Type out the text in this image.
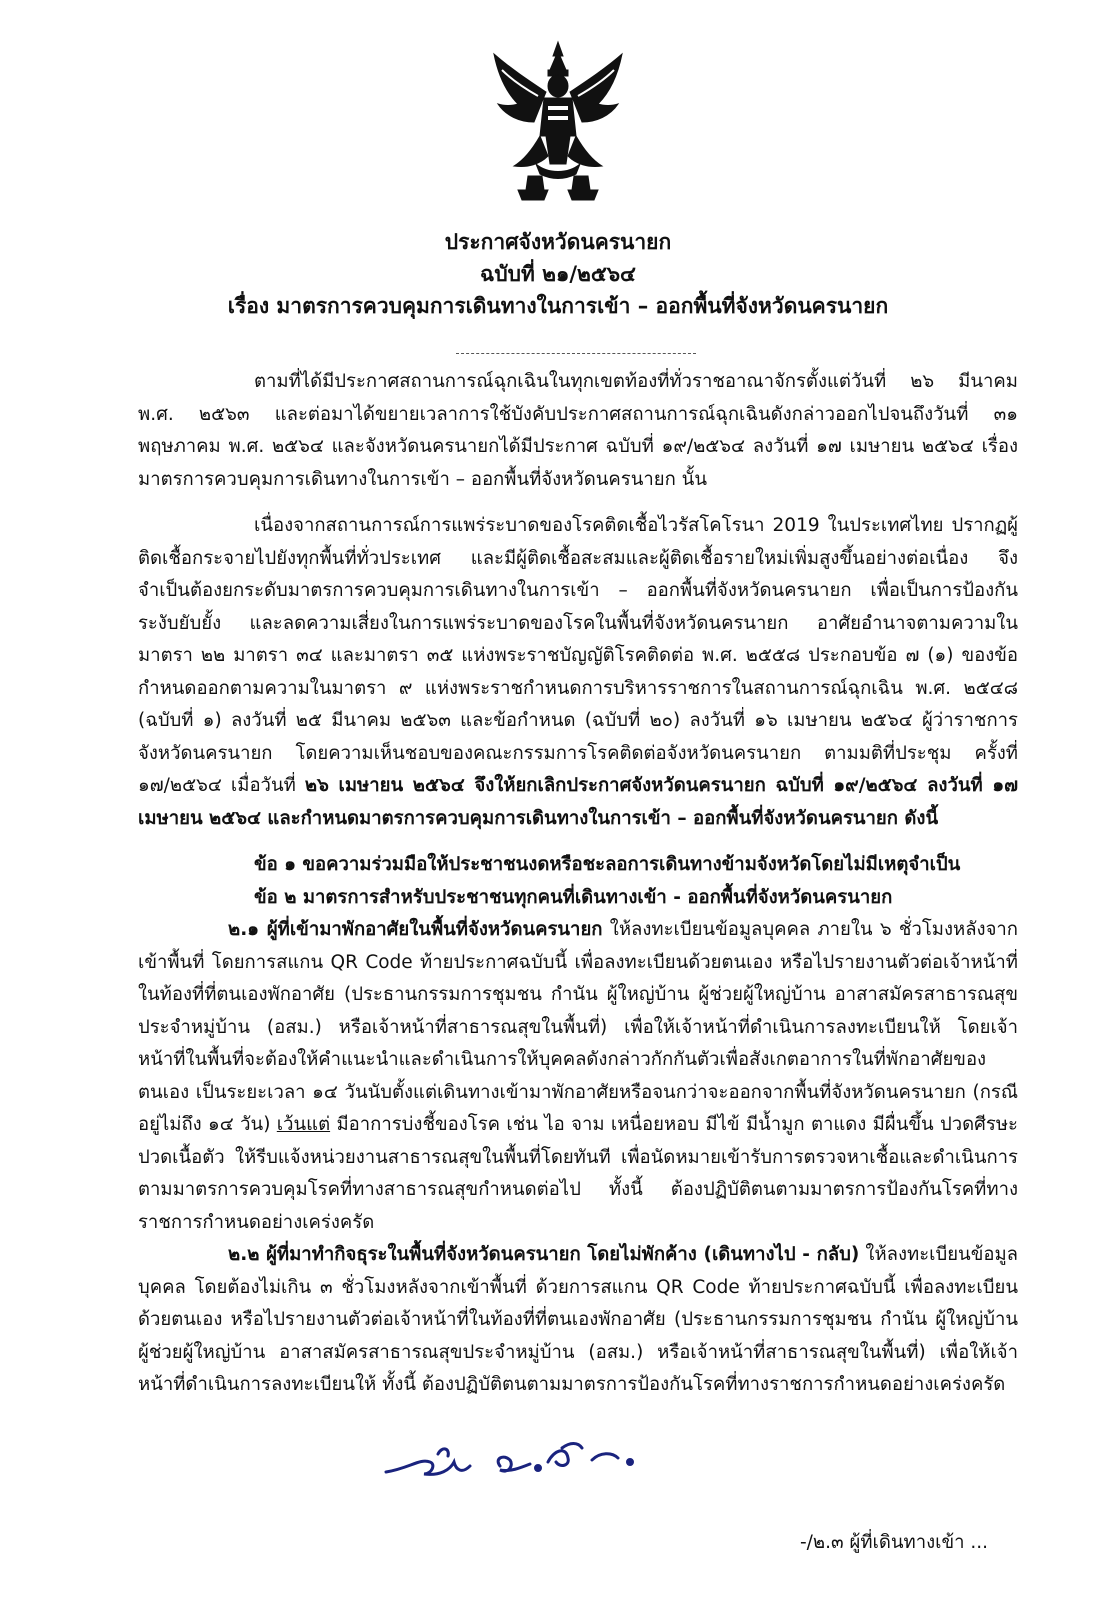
ประกาศจังหวัดนครนายก
ฉบับที่ ๒๑/๒๕๖๔
เรื่อง มาตรการควบคุมการเดินทางในการเข้า – ออกพื้นที่จังหวัดนครนายก

ตามที่ได้มีประกาศสถานการณ์ฉุกเฉินในทุกเขตท้องที่ทั่วราชอาณาจักรตั้งแต่วันที่ ๒๖ มีนาคม พ.ศ. ๒๕๖๓ และต่อมาได้ขยายเวลาการใช้บังคับประกาศสถานการณ์ฉุกเฉินดังกล่าวออกไปจนถึงวันที่ ๓๑ พฤษภาคม พ.ศ. ๒๕๖๔ และจังหวัดนครนายกได้มีประกาศ ฉบับที่ ๑๙/๒๕๖๔ ลงวันที่ ๑๗ เมษายน ๒๕๖๔ เรื่อง มาตรการควบคุมการเดินทางในการเข้า – ออกพื้นที่จังหวัดนครนายก นั้น

เนื่องจากสถานการณ์การแพร่ระบาดของโรคติดเชื้อไวรัสโคโรนา 2019 ในประเทศไทย ปรากฏผู้ติดเชื้อกระจายไปยังทุกพื้นที่ทั่วประเทศ และมีผู้ติดเชื้อสะสมและผู้ติดเชื้อรายใหม่เพิ่มสูงขึ้นอย่างต่อเนื่อง จึงจำเป็นต้องยกระดับมาตรการควบคุมการเดินทางในการเข้า – ออกพื้นที่จังหวัดนครนายก เพื่อเป็นการป้องกัน ระงับยับยั้ง และลดความเสี่ยงในการแพร่ระบาดของโรคในพื้นที่จังหวัดนครนายก อาศัยอำนาจตามความในมาตรา ๒๒ มาตรา ๓๔ และมาตรา ๓๕ แห่งพระราชบัญญัติโรคติดต่อ พ.ศ. ๒๕๕๘ ประกอบข้อ ๗ (๑) ของข้อกำหนดออกตามความในมาตรา ๙ แห่งพระราชกำหนดการบริหารราชการในสถานการณ์ฉุกเฉิน พ.ศ. ๒๕๔๘ (ฉบับที่ ๑) ลงวันที่ ๒๕ มีนาคม ๒๕๖๓ และข้อกำหนด (ฉบับที่ ๒๐) ลงวันที่ ๑๖ เมษายน ๒๕๖๔ ผู้ว่าราชการจังหวัดนครนายก โดยความเห็นชอบของคณะกรรมการโรคติดต่อจังหวัดนครนายก ตามมติที่ประชุม ครั้งที่ ๑๗/๒๕๖๔ เมื่อวันที่ ๒๖ เมษายน ๒๕๖๔ จึงให้ยกเลิกประกาศจังหวัดนครนายก ฉบับที่ ๑๙/๒๕๖๔ ลงวันที่ ๑๗ เมษายน ๒๕๖๔ และกำหนดมาตรการควบคุมการเดินทางในการเข้า – ออกพื้นที่จังหวัดนครนายก ดังนี้

ข้อ ๑ ขอความร่วมมือให้ประชาชนงดหรือชะลอการเดินทางข้ามจังหวัดโดยไม่มีเหตุจำเป็น

ข้อ ๒ มาตรการสำหรับประชาชนทุกคนที่เดินทางเข้า - ออกพื้นที่จังหวัดนครนายก

๒.๑ ผู้ที่เข้ามาพักอาศัยในพื้นที่จังหวัดนครนายก ให้ลงทะเบียนข้อมูลบุคคล ภายใน ๖ ชั่วโมงหลังจากเข้าพื้นที่ โดยการสแกน QR Code ท้ายประกาศฉบับนี้ เพื่อลงทะเบียนด้วยตนเอง หรือไปรายงานตัวต่อเจ้าหน้าที่ในท้องที่ที่ตนเองพักอาศัย (ประธานกรรมการชุมชน กำนัน ผู้ใหญ่บ้าน ผู้ช่วยผู้ใหญ่บ้าน อาสาสมัครสาธารณสุขประจำหมู่บ้าน (อสม.) หรือเจ้าหน้าที่สาธารณสุขในพื้นที่) เพื่อให้เจ้าหน้าที่ดำเนินการลงทะเบียนให้ โดยเจ้าหน้าที่ในพื้นที่จะต้องให้คำแนะนำและดำเนินการให้บุคคลดังกล่าวกักกันตัวเพื่อสังเกตอาการในที่พักอาศัยของตนเอง เป็นระยะเวลา ๑๔ วันนับตั้งแต่เดินทางเข้ามาพักอาศัยหรือจนกว่าจะออกจากพื้นที่จังหวัดนครนายก (กรณีอยู่ไม่ถึง ๑๔ วัน) เว้นแต่ มีอาการบ่งชี้ของโรค เช่น ไอ จาม เหนื่อยหอบ มีไข้ มีน้ำมูก ตาแดง มีผื่นขึ้น ปวดศีรษะ ปวดเนื้อตัว ให้รีบแจ้งหน่วยงานสาธารณสุขในพื้นที่โดยทันที เพื่อนัดหมายเข้ารับการตรวจหาเชื้อและดำเนินการตามมาตรการควบคุมโรคที่ทางสาธารณสุขกำหนดต่อไป ทั้งนี้ ต้องปฏิบัติตนตามมาตรการป้องกันโรคที่ทางราชการกำหนดอย่างเคร่งครัด

๒.๒ ผู้ที่มาทำกิจธุระในพื้นที่จังหวัดนครนายก โดยไม่พักค้าง (เดินทางไป - กลับ) ให้ลงทะเบียนข้อมูลบุคคล โดยต้องไม่เกิน ๓ ชั่วโมงหลังจากเข้าพื้นที่ ด้วยการสแกน QR Code ท้ายประกาศฉบับนี้ เพื่อลงทะเบียนด้วยตนเอง หรือไปรายงานตัวต่อเจ้าหน้าที่ในท้องที่ที่ตนเองพักอาศัย (ประธานกรรมการชุมชน กำนัน ผู้ใหญ่บ้าน ผู้ช่วยผู้ใหญ่บ้าน อาสาสมัครสาธารณสุขประจำหมู่บ้าน (อสม.) หรือเจ้าหน้าที่สาธารณสุขในพื้นที่) เพื่อให้เจ้าหน้าที่ดำเนินการลงทะเบียนให้ ทั้งนี้ ต้องปฏิบัติตนตามมาตรการป้องกันโรคที่ทางราชการกำหนดอย่างเคร่งครัด

-/๒.๓ ผู้ที่เดินทางเข้า ...
